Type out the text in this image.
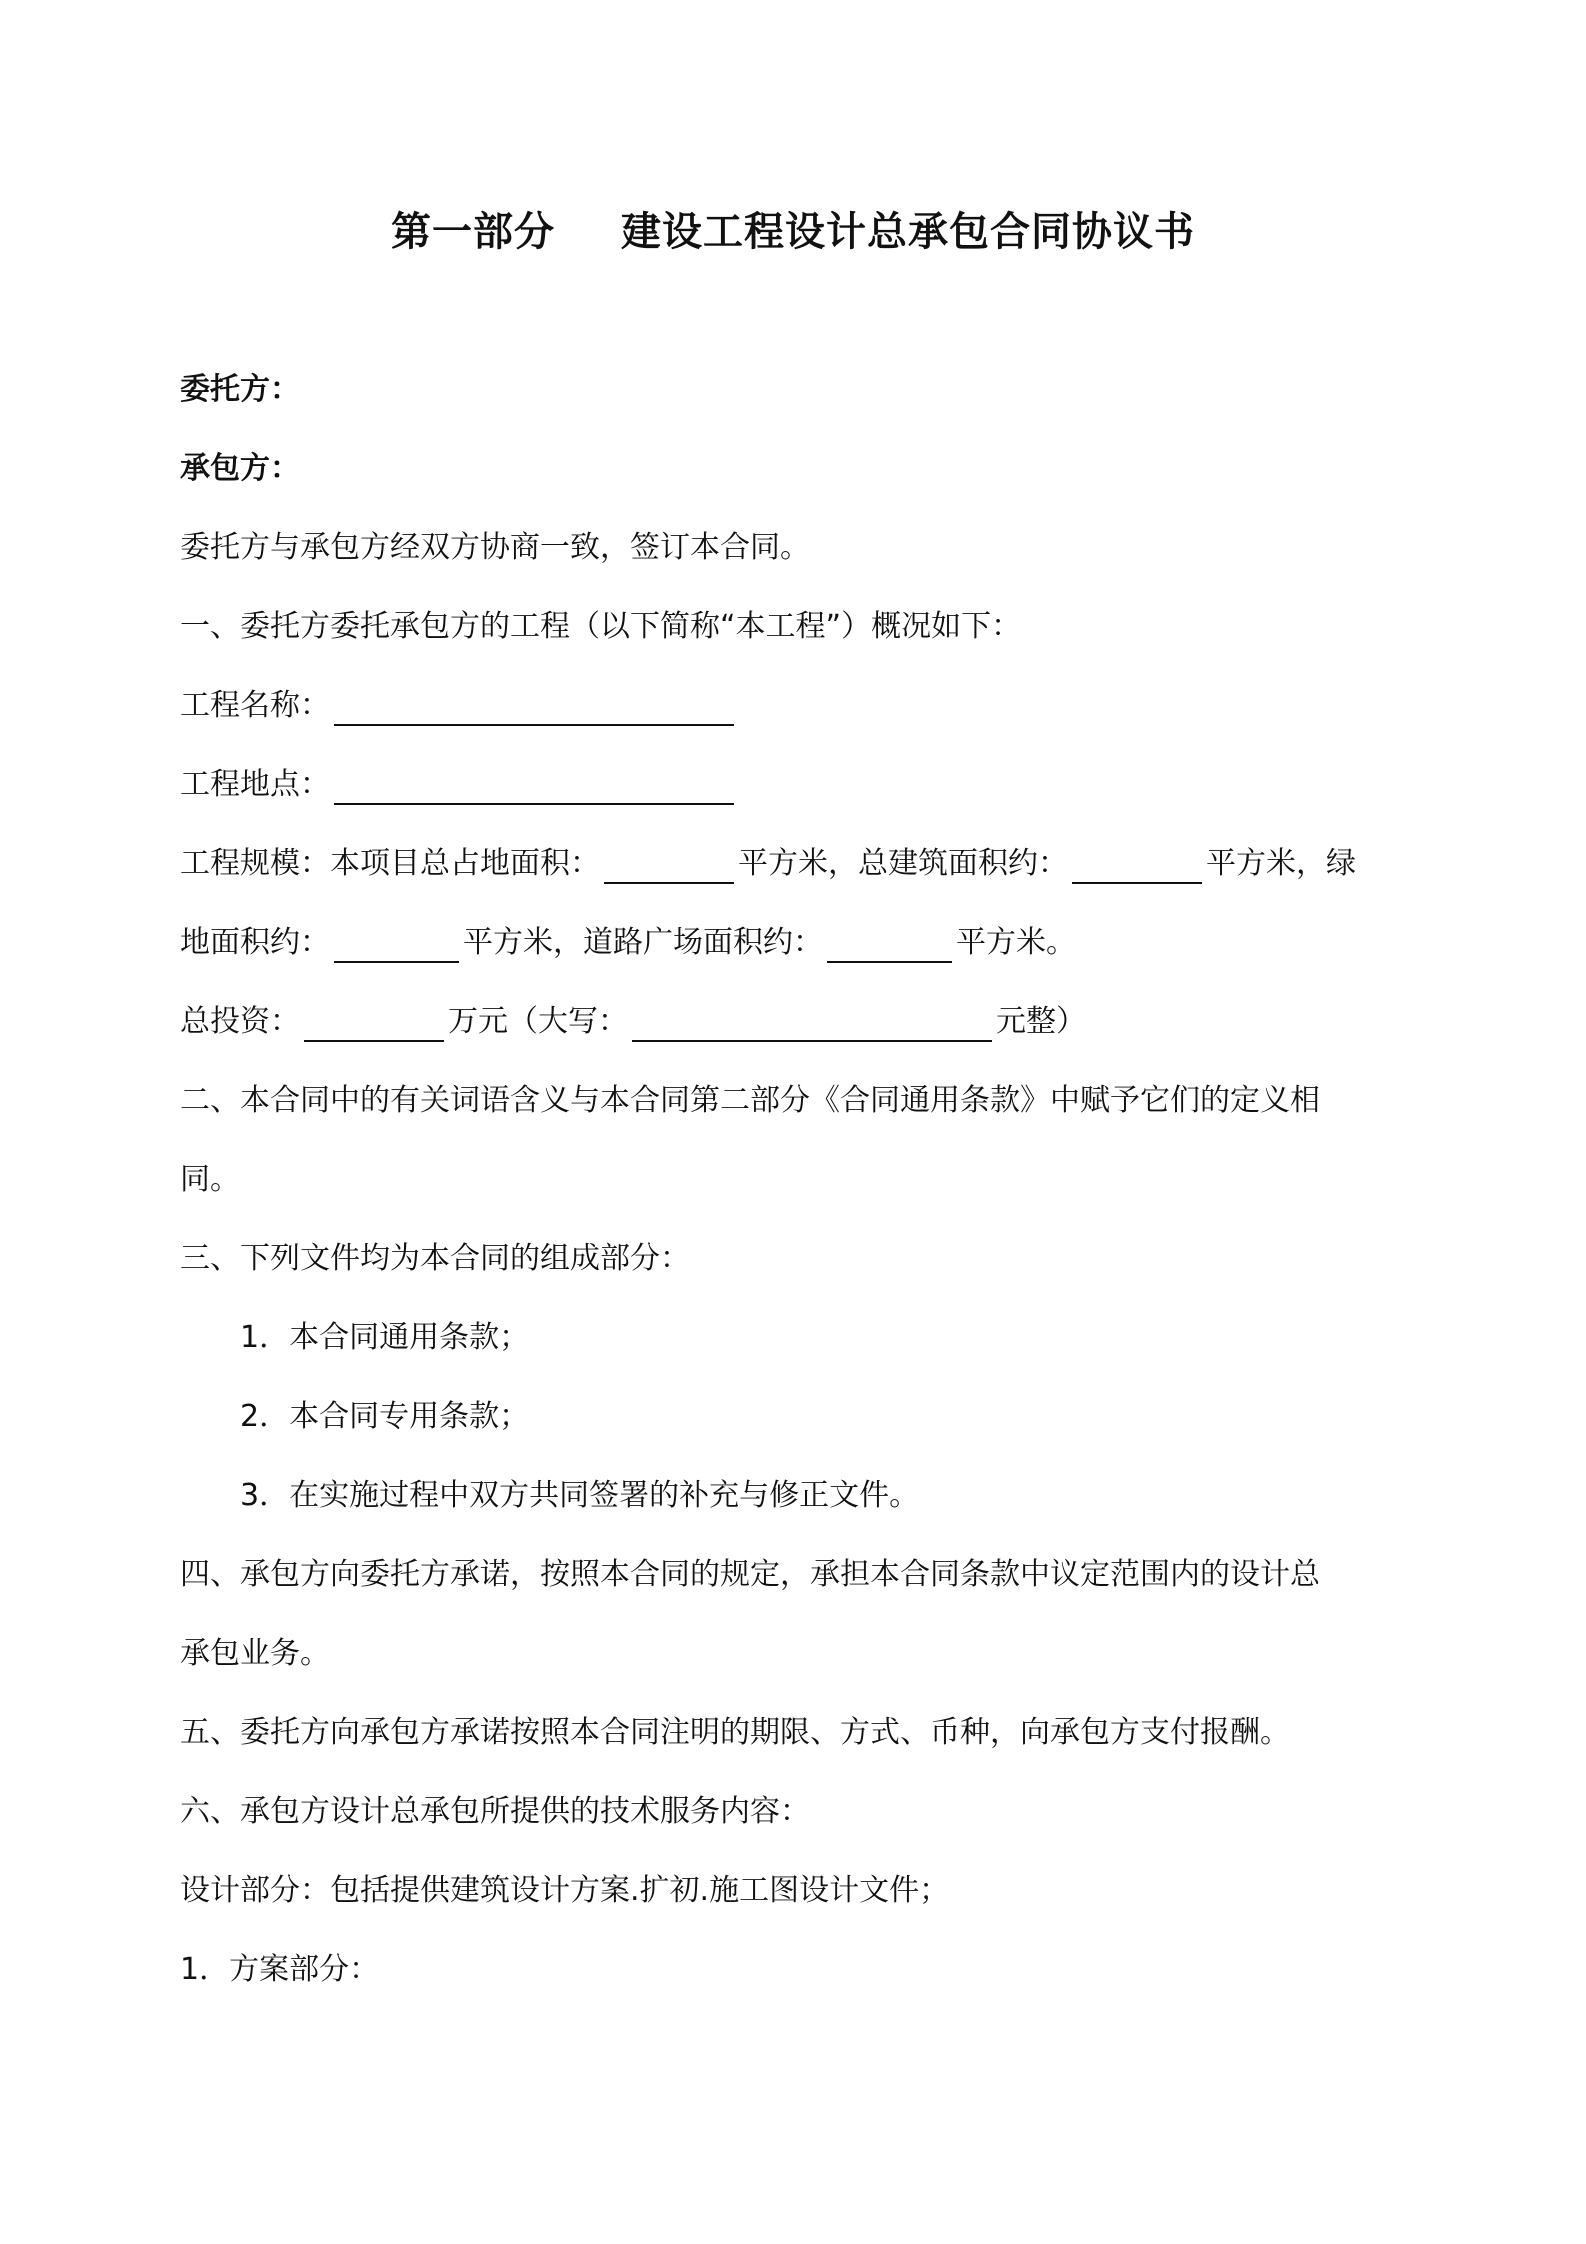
第一部分 建设工程设计总承包合同协议书
委托方：
承包方：
委托方与承包方经双方协商一致，签订本合同。
一、委托方委托承包方的工程（以下简称“本工程”）概况如下：
工程名称：
工程地点：
工程规模：本项目总占地面积：	平方米，总建筑面积约：	平方米，绿
地面积约：	平方米，道路广场面积约：	平方米。
总投资：	万元（大写：	元整）
二、本合同中的有关词语含义与本合同第二部分《合同通用条款》中赋予它们的定义相
同。
三、下列文件均为本合同的组成部分：
1．本合同通用条款；
2．本合同专用条款；
3．在实施过程中双方共同签署的补充与修正文件。
四、承包方向委托方承诺，按照本合同的规定，承担本合同条款中议定范围内的设计总
承包业务。
五、委托方向承包方承诺按照本合同注明的期限、方式、币种，向承包方支付报酬。
六、承包方设计总承包所提供的技术服务内容：
设计部分：包括提供建筑设计方案.扩初.施工图设计文件；
1．方案部分：
